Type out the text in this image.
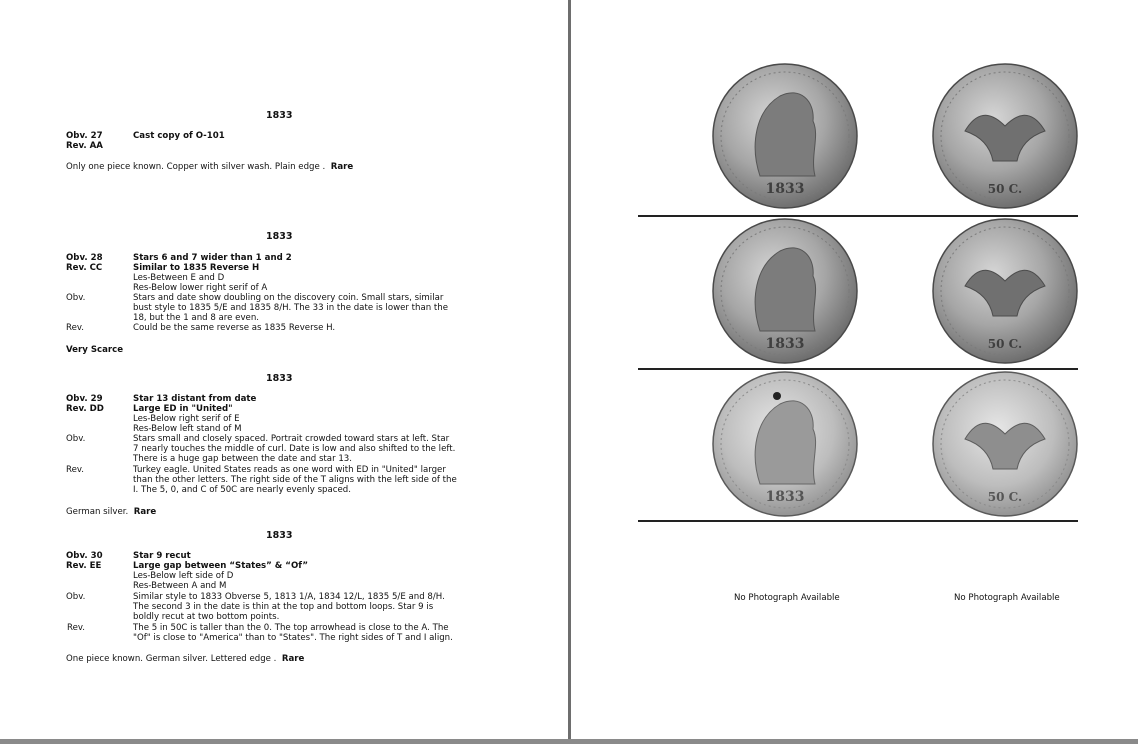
1833
Obv. 27	Cast copy of O-101
Rev. AA
Only one piece known. Copper with silver wash. Plain edge . Rare
1833
Obv. 28	Stars 6 and 7 wider than 1 and 2
Rev. CC	Similar to 1835 Reverse H
Les-Between E and D
Res-Below lower right serif of A
Obv.	Stars and date show doubling on the discovery coin. Small stars, similar
bust style to 1835 5/E and 1835 8/H. The 33 in the date is lower than the
18, but the 1 and 8 are even.
Rev.	Could be the same reverse as 1835 Reverse H.
Very Scarce
1833
Obv. 29	Star 13 distant from date
Rev. DD	Large ED in "United"
Les-Below right serif of E
Res-Below left stand of M
Obv.	Stars small and closely spaced. Portrait crowded toward stars at left. Star
7 nearly touches the middle of curl. Date is low and also shifted to the left.
There is a huge gap between the date and star 13.
Rev.	Turkey eagle. United States reads as one word with ED in "United" larger
than the other letters. The right side of the T aligns with the left side of the
I. The 5, 0, and C of 50C are nearly evenly spaced.
German silver. Rare
1833
Obv. 30	Star 9 recut
Rev. EE	Large gap between “States” & “Of”
Les-Below left side of D
Res-Between A and M
Obv.	Similar style to 1833 Obverse 5, 1813 1/A, 1834 12/L, 1835 5/E and 8/H.
The second 3 in the date is thin at the top and bottom loops. Star 9 is
boldly recut at two bottom points.
Rev.	The 5 in 50C is taller than the 0. The top arrowhead is close to the A. The
"Of" is close to "America" than to "States". The right sides of T and I align.
One piece known. German silver. Lettered edge . Rare
1833	50 C.
1833	50 C.
1833	50 C.
No Photograph Available	No Photograph Available
